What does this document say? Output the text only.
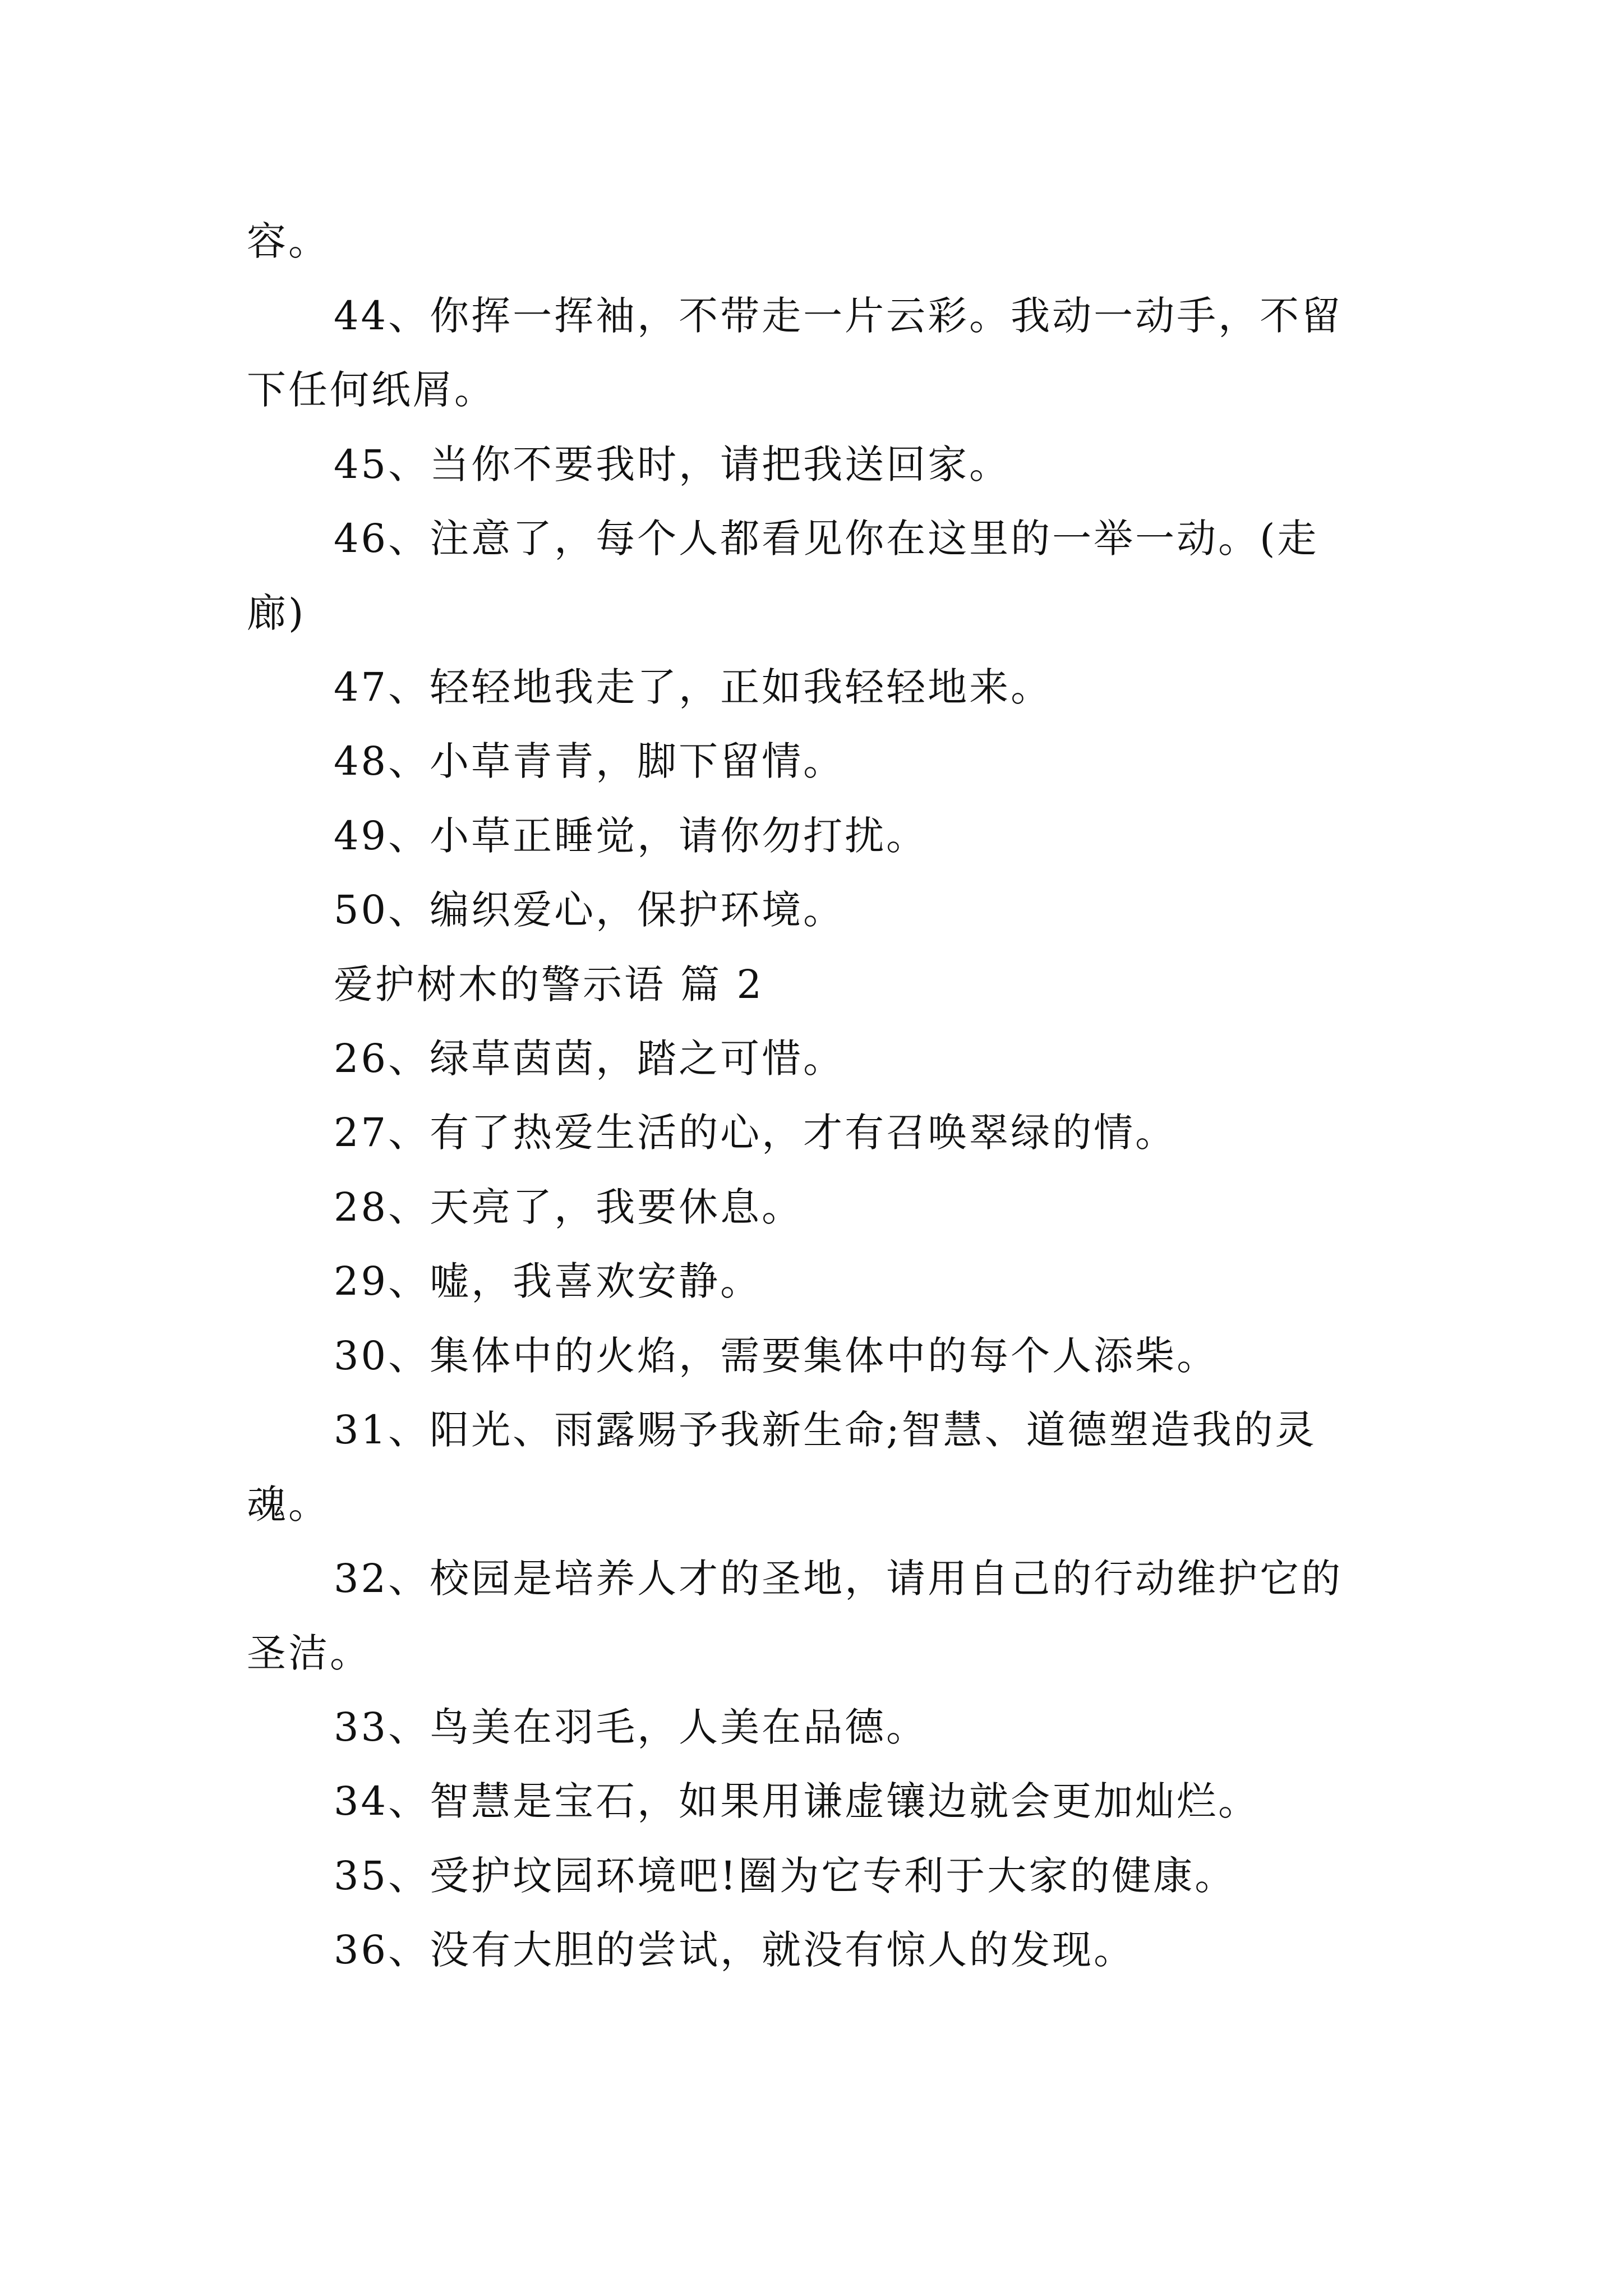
容。
44、你挥一挥袖，不带走一片云彩。我动一动手，不留
下任何纸屑。
45、当你不要我时，请把我送回家。
46、注意了，每个人都看见你在这里的一举一动。(走
廊)
47、轻轻地我走了，正如我轻轻地来。
48、小草青青，脚下留情。
49、小草正睡觉，请你勿打扰。
50、编织爱心，保护环境。
爱护树木的警示语 篇 2
26、绿草茵茵，踏之可惜。
27、有了热爱生活的心，才有召唤翠绿的情。
28、天亮了，我要休息。
29、嘘，我喜欢安静。
30、集体中的火焰，需要集体中的每个人添柴。
31、阳光、雨露赐予我新生命;智慧、道德塑造我的灵
魂。
32、校园是培养人才的圣地，请用自己的行动维护它的
圣洁。
33、鸟美在羽毛，人美在品德。
34、智慧是宝石，如果用谦虚镶边就会更加灿烂。
35、受护坟园环境吧!圈为它专利于大家的健康。
36、没有大胆的尝试，就没有惊人的发现。
